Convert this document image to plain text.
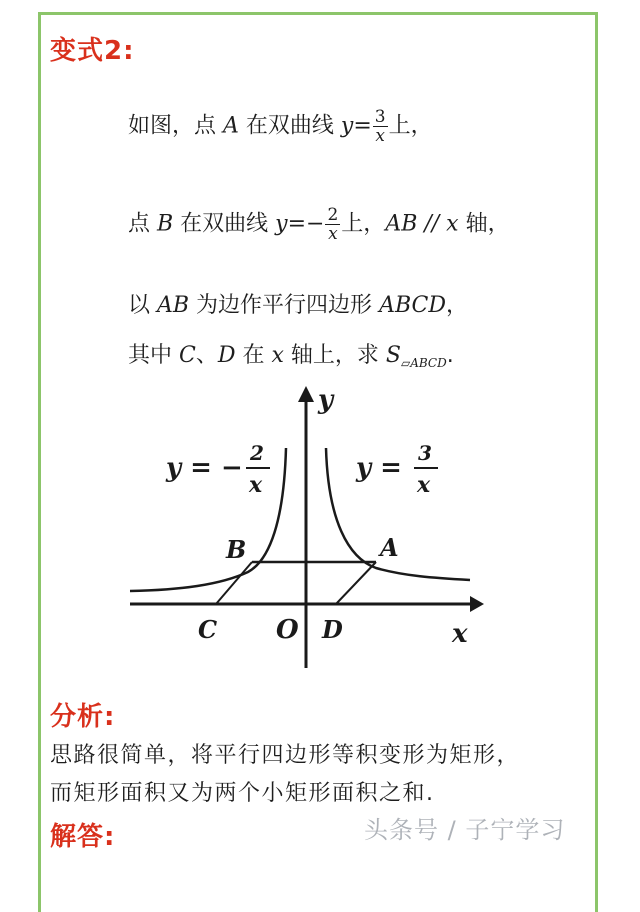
变式2:
如图，点 A 在双曲线 $y= \frac{3}{x}$ 上，
点 B 在双曲线 $y=- \frac{2}{x}$ 上，AB // x 轴，
以 AB 为边作平行四边形 ABCD，
其中 C、D 在 x 轴上，求 $S_{▱ABCD}$.
y
x
O
B	A
C	D
y = − 2
x
y = 3
x
分析:
思路很简单，将平行四边形等积变形为矩形，
而矩形面积又为两个小矩形面积之和.
解答:	头条号 / 子宁学习
